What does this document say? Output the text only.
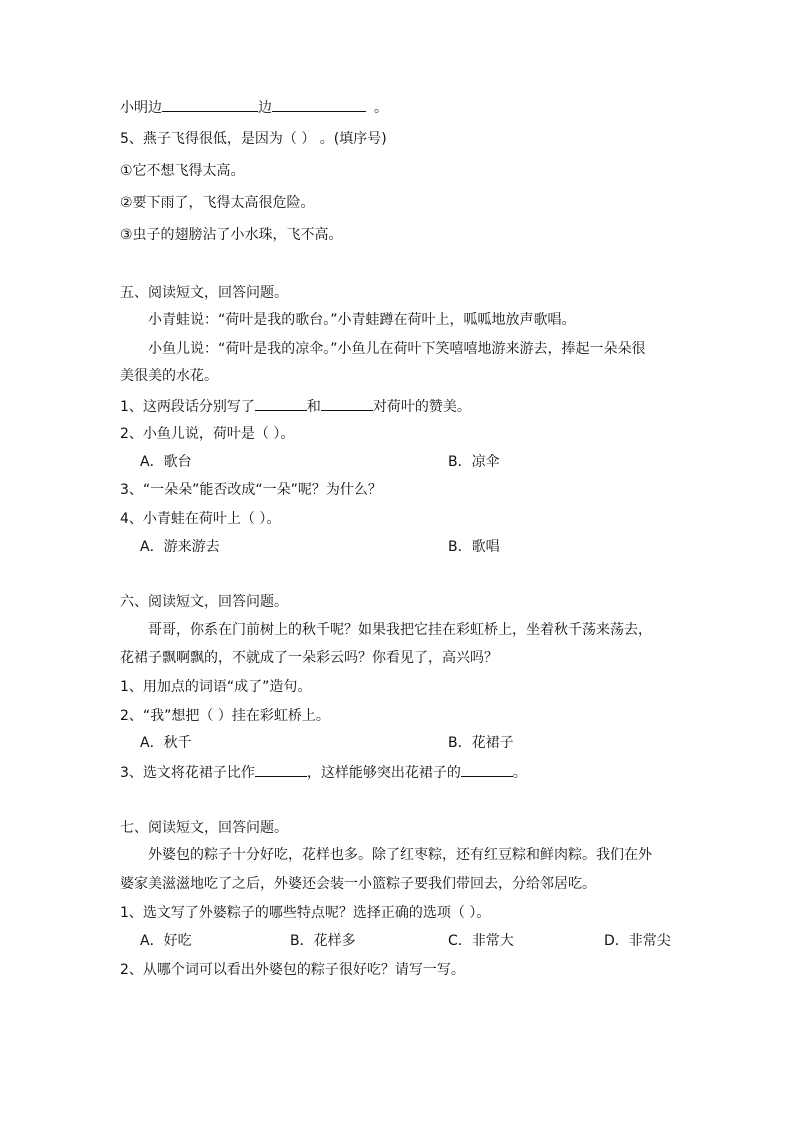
小明边	边	。
5、燕子飞得很低，是因为（ ） 。(填序号)
①它不想飞得太高。
②要下雨了，飞得太高很危险。
③虫子的翅膀沾了小水珠，飞不高。
五、阅读短文，回答问题。
小青蛙说：“荷叶是我的歌台。”小青蛙蹲在荷叶上，呱呱地放声歌唱。
小鱼儿说：“荷叶是我的凉伞。”小鱼儿在荷叶下笑嘻嘻地游来游去，捧起一朵朵很
美很美的水花。
1、这两段话分别写了	和	对荷叶的赞美。
2、小鱼儿说，荷叶是（ ）。
A．歌台	B．凉伞
3、“一朵朵”能否改成“一朵”呢？为什么？
4、小青蛙在荷叶上（ ）。
A．游来游去	B．歌唱
六、阅读短文，回答问题。
哥哥，你系在门前树上的秋千呢？如果我把它挂在彩虹桥上，坐着秋千荡来荡去，
花裙子飘啊飘的，不就成了一朵彩云吗？你看见了，高兴吗？
1、用加点的词语“成了”造句。
2、“我”想把（ ）挂在彩虹桥上。
A．秋千	B．花裙子
3、选文将花裙子比作	，这样能够突出花裙子的	。
七、阅读短文，回答问题。
外婆包的粽子十分好吃，花样也多。除了红枣粽，还有红豆粽和鲜肉粽。我们在外
婆家美滋滋地吃了之后，外婆还会装一小篮粽子要我们带回去，分给邻居吃。
1、选文写了外婆粽子的哪些特点呢？选择正确的选项（ ）。
A．好吃	B．花样多	C．非常大	D．非常尖
2、从哪个词可以看出外婆包的粽子很好吃？请写一写。
